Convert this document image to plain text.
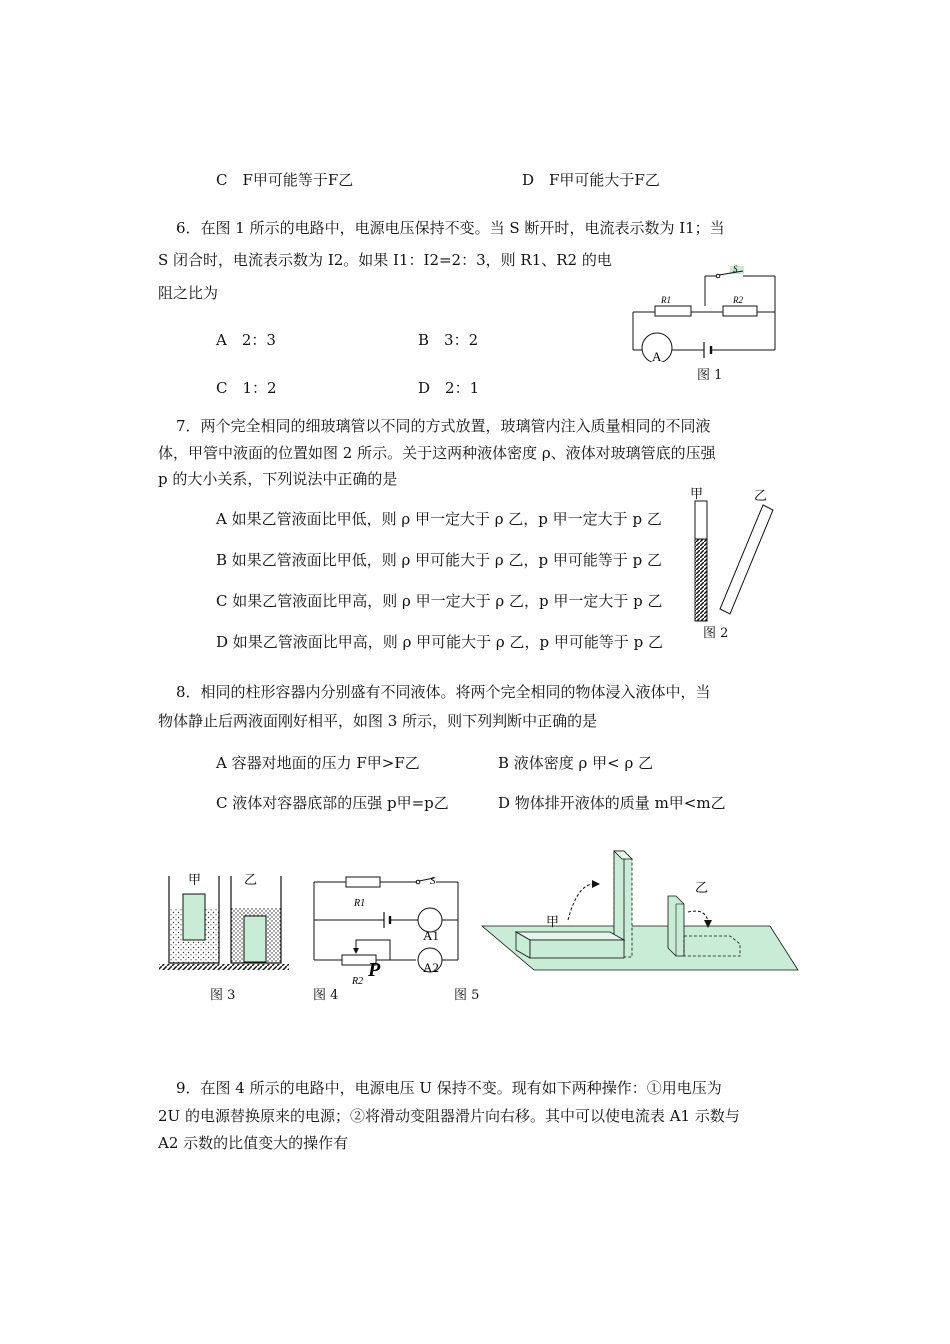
C　F甲可能等于F乙	D　F甲可能大于F乙
6．在图 1 所示的电路中，电源电压保持不变。当 S 断开时，电流表示数为 I1；当
S 闭合时，电流表示数为 I2。如果 I1：I2=2：3，则 R1、R2 的电
阻之比为
A　2：3	B　3：2
C　1：2	D　2：1
S
R1	R2
A
图 1
7．两个完全相同的细玻璃管以不同的方式放置，玻璃管内注入质量相同的不同液
体，甲管中液面的位置如图 2 所示。关于这两种液体密度 ρ、液体对玻璃管底的压强
p 的大小关系，下列说法中正确的是
A 如果乙管液面比甲低，则 ρ 甲一定大于 ρ 乙，p 甲一定大于 p 乙
B 如果乙管液面比甲低，则 ρ 甲可能大于 ρ 乙，p 甲可能等于 p 乙
C 如果乙管液面比甲高，则 ρ 甲一定大于 ρ 乙，p 甲一定大于 p 乙
D 如果乙管液面比甲高，则 ρ 甲可能大于 ρ 乙，p 甲可能等于 p 乙
甲	乙
图 2
8．相同的柱形容器内分别盛有不同液体。将两个完全相同的物体浸入液体中，当
物体静止后两液面刚好相平，如图 3 所示，则下列判断中正确的是
A 容器对地面的压力 F甲>F乙	B 液体密度 ρ 甲< ρ 乙
C 液体对容器底部的压强 p甲=p乙	D 物体排开液体的质量 m甲<m乙
甲	乙
图 3
S
R1
R2
A1
A2
P
图 4
甲
乙
图 5
9．在图 4 所示的电路中，电源电压 U 保持不变。现有如下两种操作：①用电压为
2U 的电源替换原来的电源；②将滑动变阻器滑片向右移。其中可以使电流表 A1 示数与
A2 示数的比值变大的操作有
